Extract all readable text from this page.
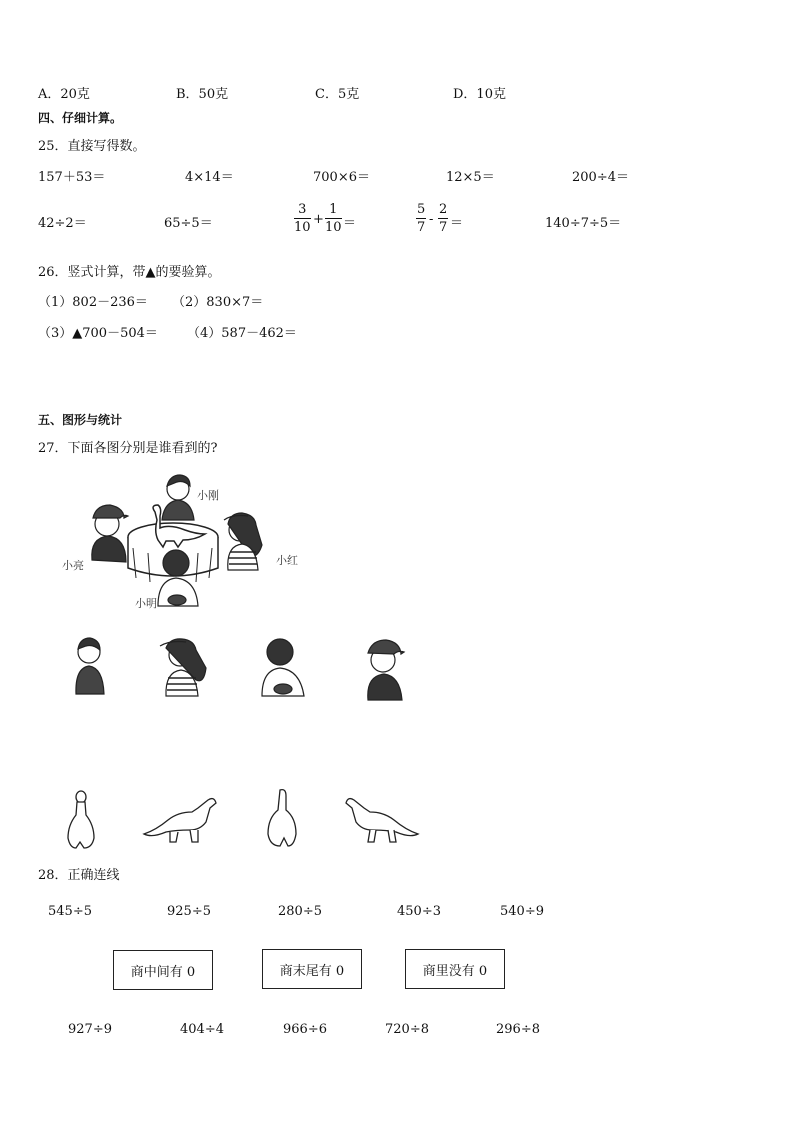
A．20克	B．50克	C．5克	D．10克
四、仔细计算。
25．直接写得数。
157＋53＝	4×14＝	700×6＝	12×5＝	200÷4＝
42÷2＝	65÷5＝	$\frac{3}{10} + \frac{1}{10}$ ＝	$\frac{5}{7} - \frac{2}{7}$ ＝	140÷7÷5＝
26．竖式计算，带▲的要验算。
（1）802－236＝ （2）830×7＝
（3）▲700－504＝ （4）587－462＝
五、图形与统计
27．下面各图分别是谁看到的?
小刚
小亮	小红
小明
28．正确连线
545÷5	925÷5	280÷5	450÷3	540÷9
商中间有 0	商末尾有 0	商里没有 0
927÷9	404÷4	966÷6	720÷8	296÷8
